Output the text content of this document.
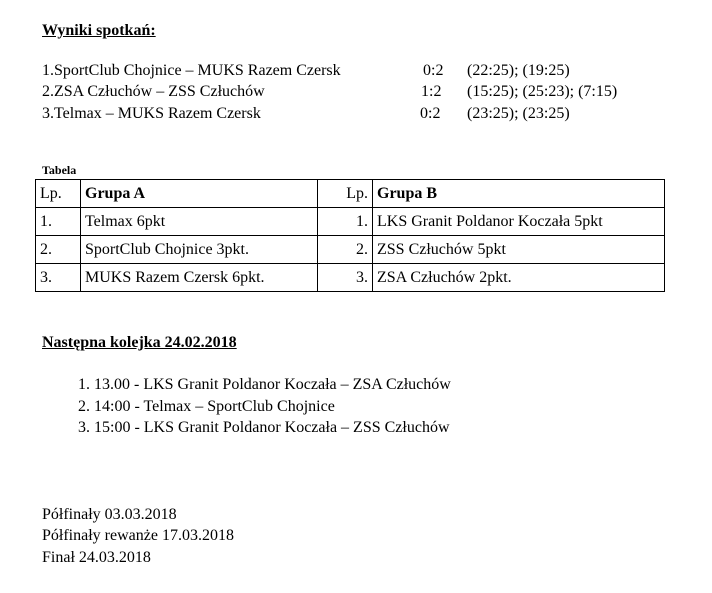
Wyniki spotkań:
1.SportClub Chojnice – MUKS Razem Czersk	0:2 (22:25); (19:25)
2.ZSA Człuchów – ZSS Człuchów	1:2 (15:25); (25:23); (7:15)
3.Telmax – MUKS Razem Czersk	0:2 (23:25); (23:25)
Tabela
Lp.	Grupa A	Lp.	Grupa B
1.	Telmax 6pkt	1.	LKS Granit Poldanor Koczała 5pkt
2.	SportClub Chojnice 3pkt.	2.	ZSS Człuchów 5pkt
3.	MUKS Razem Czersk 6pkt.	3.	ZSA Człuchów 2pkt.
Następna kolejka 24.02.2018
1. 13.00 - LKS Granit Poldanor Koczała – ZSA Człuchów
2. 14:00 - Telmax – SportClub Chojnice
3. 15:00 - LKS Granit Poldanor Koczała – ZSS Człuchów
Półfinały 03.03.2018
Półfinały rewanże 17.03.2018
Finał 24.03.2018
